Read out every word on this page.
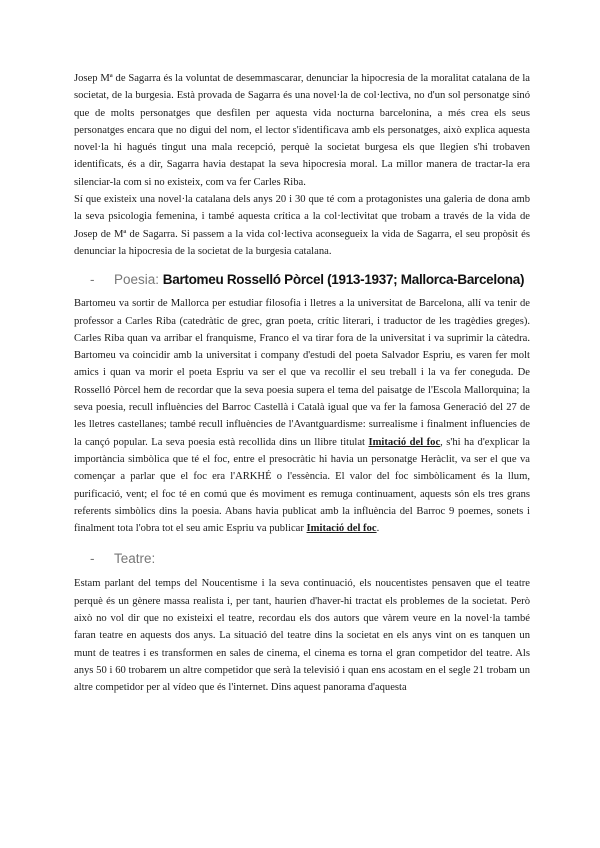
Josep Mª de Sagarra és la voluntat de desemmascarar, denunciar la hipocresia de la moralitat catalana de la societat, de la burgesia. Està provada de Sagarra és una novel·la de col·lectiva, no d'un sol personatge sinó que de molts personatges que desfilen per aquesta vida nocturna barcelonina, a més crea els seus personatges encara que no digui del nom, el lector s'identificava amb els personatges, això explica aquesta novel·la hi hagués tingut una mala recepció, perquè la societat burgesa els que llegien s'hi trobaven identificats, és a dir, Sagarra havia destapat la seva hipocresia moral. La millor manera de tractar-la era silenciar-la com si no existeix, com va fer Carles Riba.

Sí que existeix una novel·la catalana dels anys 20 i 30 que té com a protagonistes una galeria de dona amb la seva psicologia femenina, i també aquesta crítica a la col·lectivitat que trobam a través de la vida de Josep de Mª de Sagarra. Si passem a la vida col·lectiva aconsegueix la vida de Sagarra, el seu propòsit és denunciar la hipocresia de la societat de la burgesia catalana.

-	Poesia:
Bartomeu Rosselló Pòrcel (1913-1937; Mallorca-Barcelona)

Bartomeu va sortir de Mallorca per estudiar filosofia i lletres a la universitat de Barcelona, allí va tenir de professor a Carles Riba (catedràtic de grec, gran poeta, crític literari, i traductor de les tragèdies greges). Carles Riba quan va arribar el franquisme, Franco el va tirar fora de la universitat i va suprimir la càtedra. Bartomeu va coincidir amb la universitat i company d'estudi del poeta Salvador Espriu, es varen fer molt amics i quan va morir el poeta Espriu va ser el que va recollir el seu treball i la va fer coneguda. De Rosselló Pòrcel hem de recordar que la seva poesia supera el tema del paisatge de l'Escola Mallorquina; la seva poesia, recull influències del Barroc Castellà i Català igual que va fer la famosa Generació del 27 de les lletres castellanes; també recull influències de l'Avantguardisme: surrealisme i finalment influencies de la cançó popular. La seva poesia està recollida dins un llibre titulat Imitació del foc, s'hi ha d'explicar la importància simbòlica que té el foc, entre el presocràtic hi havia un personatge Heràclit, va ser el que va començar a parlar que el foc era l'ARKHÉ o l'essència. El valor del foc simbòlicament és la llum, purificació, vent; el foc té en comú que és moviment es remuga continuament, aquests són els tres grans referents simbòlics dins la poesia. Abans havia publicat amb la influència del Barroc 9 poemes, sonets i finalment tota l'obra tot el seu amic Espriu va publicar Imitació del foc.

-	Teatre:

Estam parlant del temps del Noucentisme i la seva continuació, els noucentistes pensaven que el teatre perquè és un gènere massa realista i, per tant, haurien d'haver-hi tractat els problemes de la societat. Però això no vol dir que no existeixi el teatre, recordau els dos autors que vàrem veure en la novel·la també faran teatre en aquests dos anys. La situació del teatre dins la societat en els anys vint on es tanquen un munt de teatres i es transformen en sales de cinema, el cinema es torna el gran competidor del teatre. Als anys 50 i 60 trobarem un altre competidor que serà la televisió i quan ens acostam en el segle 21 trobam un altre competidor per al vídeo que és l'internet. Dins aquest panorama d'aquesta
